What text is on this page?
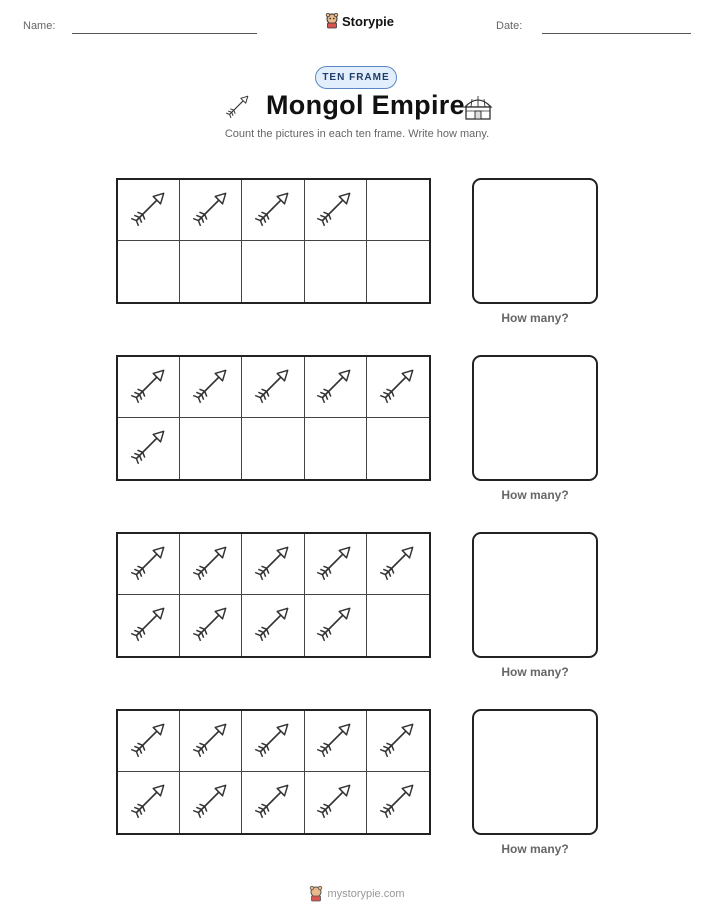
Name:	Storypie	Date:
TEN FRAME
Mongol Empire
Count the pictures in each ten frame. Write how many.
How many?
How many?
How many?
How many?
mystorypie.com
